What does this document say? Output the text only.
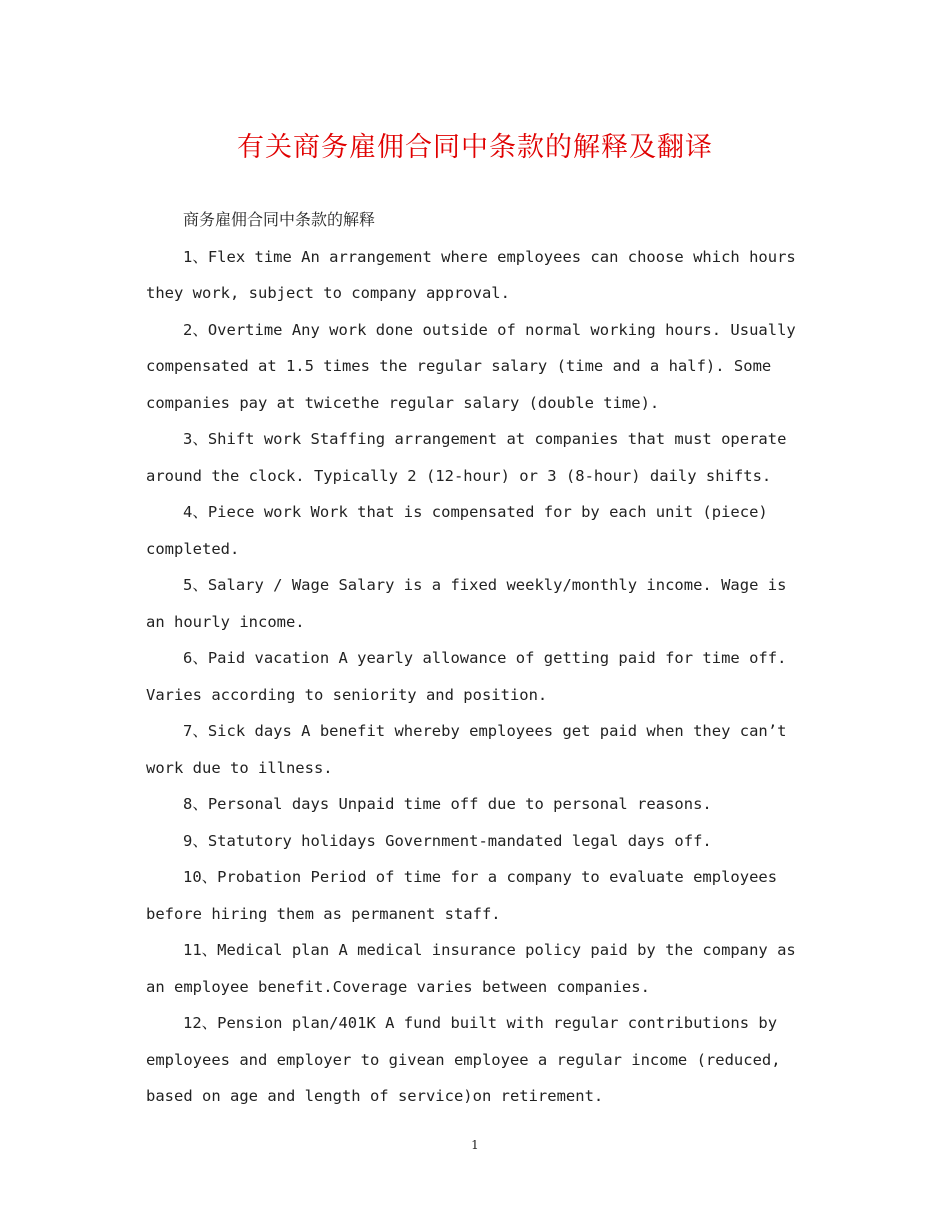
有关商务雇佣合同中条款的解释及翻译

商务雇佣合同中条款的解释

1、Flex time An arrangement where employees can choose which hours they work, subject to company approval.

2、Overtime Any work done outside of normal working hours. Usually compensated at 1.5 times the regular salary (time and a half). Some companies pay at twicethe regular salary (double time).

3、Shift work Staffing arrangement at companies that must operate around the clock. Typically 2 (12-hour) or 3 (8-hour) daily shifts.

4、Piece work Work that is compensated for by each unit (piece) completed.

5、Salary / Wage Salary is a fixed weekly/monthly income. Wage is an hourly income.

6、Paid vacation A yearly allowance of getting paid for time off. Varies according to seniority and position.

7、Sick days A benefit whereby employees get paid when they can’t work due to illness.

8、Personal days Unpaid time off due to personal reasons.

9、Statutory holidays Government-mandated legal days off.

10、Probation Period of time for a company to evaluate employees before hiring them as permanent staff.

11、Medical plan A medical insurance policy paid by the company as an employee benefit.Coverage varies between companies.

12、Pension plan/401K A fund built with regular contributions by employees and employer to givean employee a regular income (reduced, based on age and length of service)on retirement.

1
